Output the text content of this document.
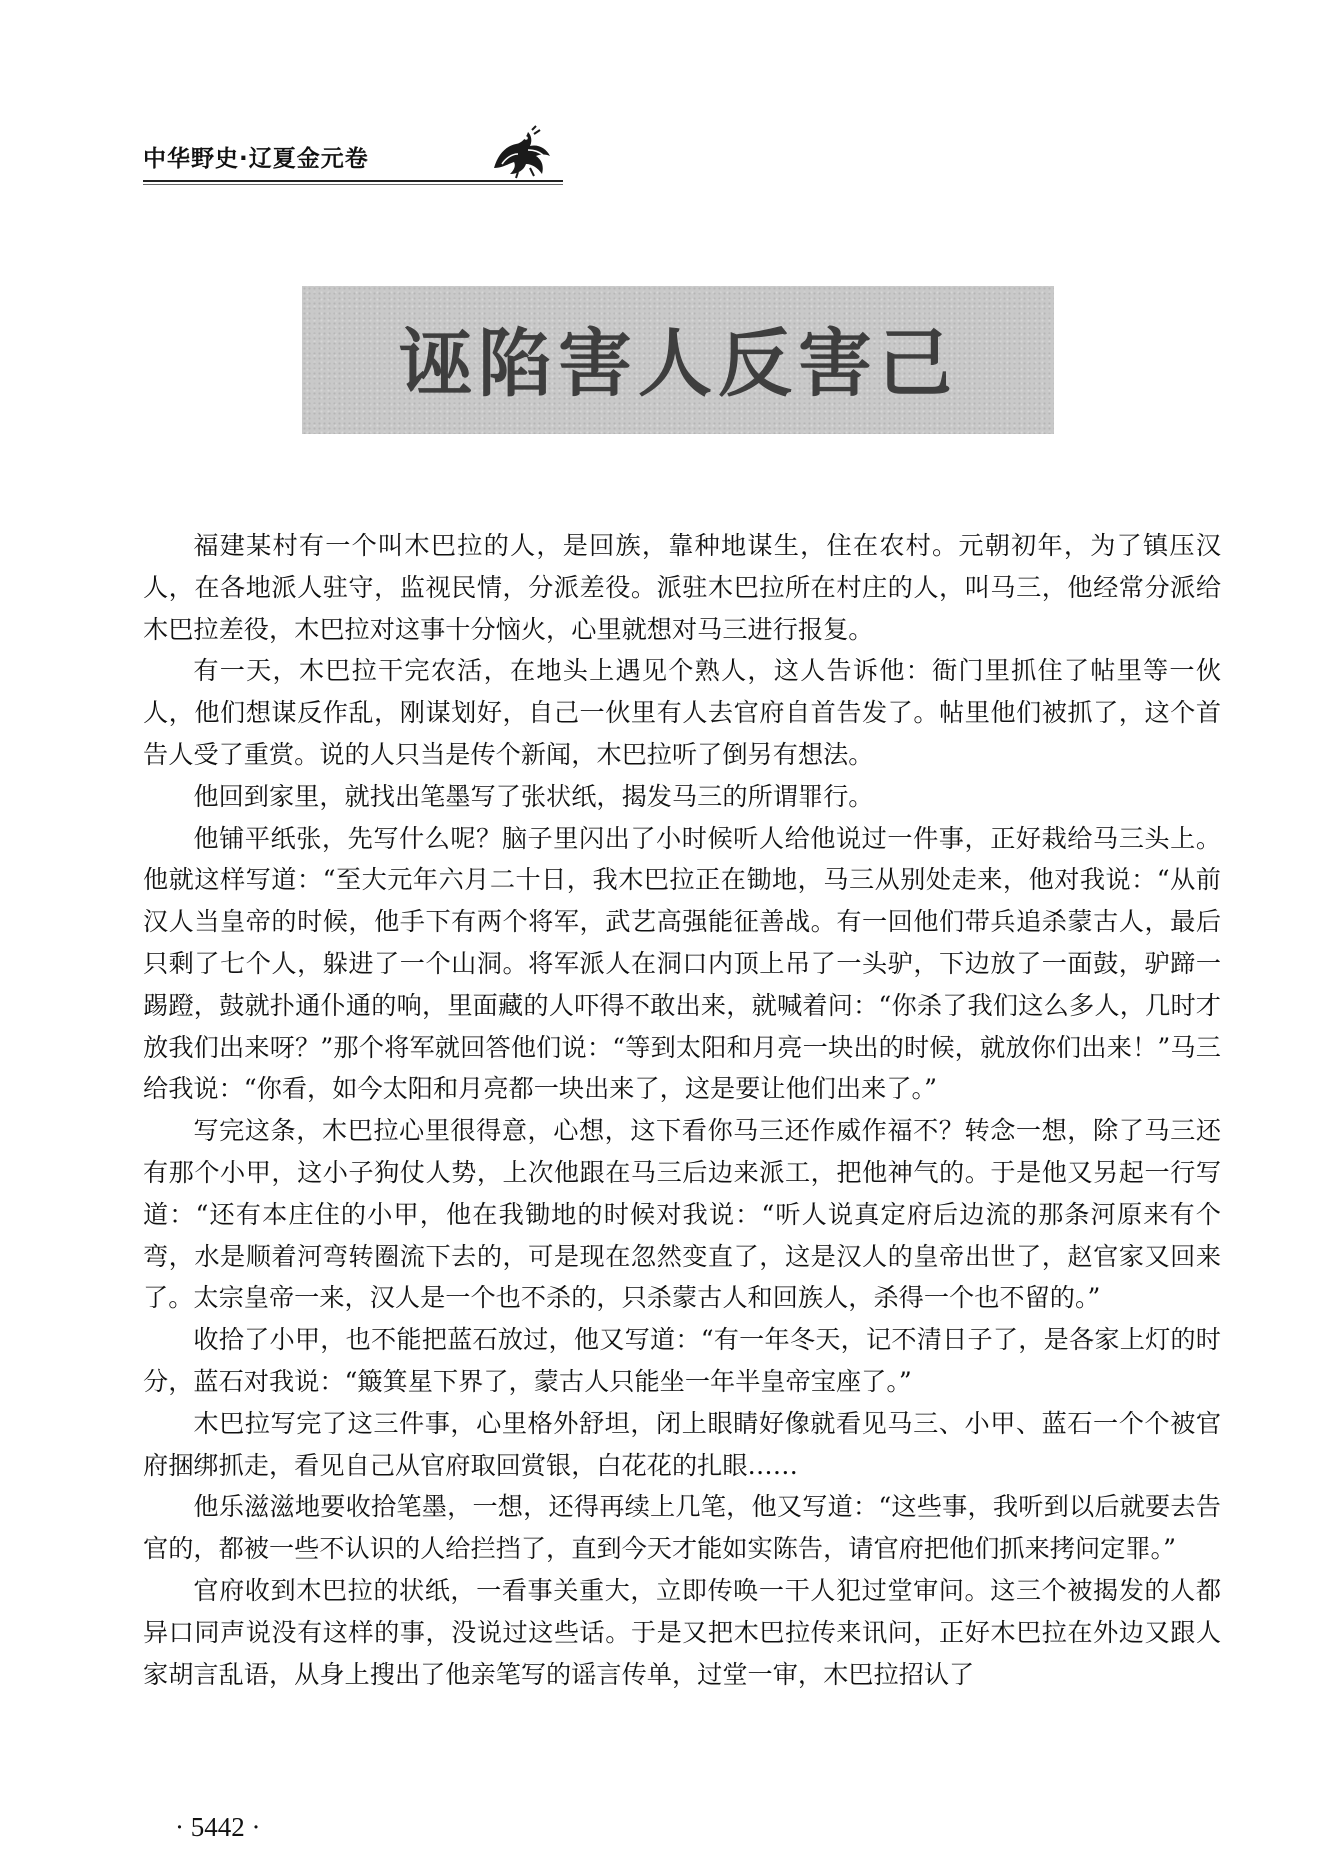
中华野史·辽夏金元卷
诬陷害人反害己

福建某村有一个叫木巴拉的人，是回族，靠种地谋生，住在农村。元朝初年，为了镇压汉人，在各地派人驻守，监视民情，分派差役。派驻木巴拉所在村庄的人，叫马三，他经常分派给木巴拉差役，木巴拉对这事十分恼火，心里就想对马三进行报复。

有一天，木巴拉干完农活，在地头上遇见个熟人，这人告诉他：衙门里抓住了帖里等一伙人，他们想谋反作乱，刚谋划好，自己一伙里有人去官府自首告发了。帖里他们被抓了，这个首告人受了重赏。说的人只当是传个新闻，木巴拉听了倒另有想法。

他回到家里，就找出笔墨写了张状纸，揭发马三的所谓罪行。

他铺平纸张，先写什么呢？脑子里闪出了小时候听人给他说过一件事，正好栽给马三头上。他就这样写道：“至大元年六月二十日，我木巴拉正在锄地，马三从别处走来，他对我说：“从前汉人当皇帝的时候，他手下有两个将军，武艺高强能征善战。有一回他们带兵追杀蒙古人，最后只剩了七个人，躲进了一个山洞。将军派人在洞口内顶上吊了一头驴，下边放了一面鼓，驴蹄一踢蹬，鼓就扑通仆通的响，里面藏的人吓得不敢出来，就喊着问：“你杀了我们这么多人，几时才放我们出来呀？”那个将军就回答他们说：“等到太阳和月亮一块出的时候，就放你们出来！”马三给我说：“你看，如今太阳和月亮都一块出来了，这是要让他们出来了。”

写完这条，木巴拉心里很得意，心想，这下看你马三还作威作福不？转念一想，除了马三还有那个小甲，这小子狗仗人势，上次他跟在马三后边来派工，把他神气的。于是他又另起一行写道：“还有本庄住的小甲，他在我锄地的时候对我说：“听人说真定府后边流的那条河原来有个弯，水是顺着河弯转圈流下去的，可是现在忽然变直了，这是汉人的皇帝出世了，赵官家又回来了。太宗皇帝一来，汉人是一个也不杀的，只杀蒙古人和回族人，杀得一个也不留的。”

收拾了小甲，也不能把蓝石放过，他又写道：“有一年冬天，记不清日子了，是各家上灯的时分，蓝石对我说：“簸箕星下界了，蒙古人只能坐一年半皇帝宝座了。”

木巴拉写完了这三件事，心里格外舒坦，闭上眼睛好像就看见马三、小甲、蓝石一个个被官府捆绑抓走，看见自己从官府取回赏银，白花花的扎眼……

他乐滋滋地要收拾笔墨，一想，还得再续上几笔，他又写道：“这些事，我听到以后就要去告官的，都被一些不认识的人给拦挡了，直到今天才能如实陈告，请官府把他们抓来拷问定罪。”

官府收到木巴拉的状纸，一看事关重大，立即传唤一干人犯过堂审问。这三个被揭发的人都异口同声说没有这样的事，没说过这些话。于是又把木巴拉传来讯问，正好木巴拉在外边又跟人家胡言乱语，从身上搜出了他亲笔写的谣言传单，过堂一审，木巴拉招认了

· 5442 ·
